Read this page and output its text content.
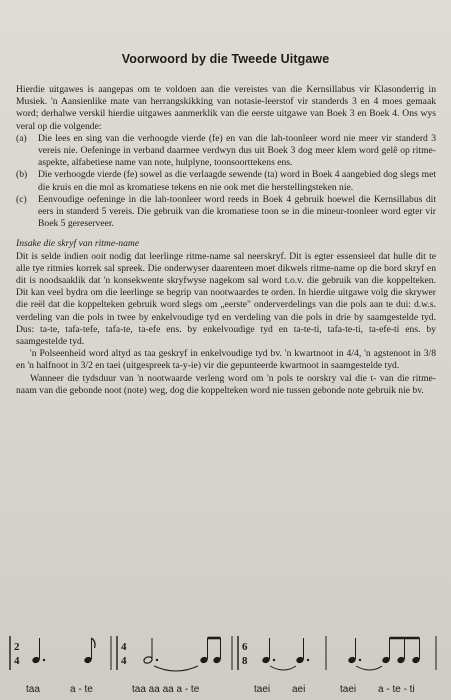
Voorwoord by die Tweede Uitgawe

Hierdie uitgawes is aangepas om te voldoen aan die vereistes van die Kernsillabus vir Klasonderrig in Musiek. 'n Aansienlike mate van herrangskikking van notasie-leerstof vir standerds 3 en 4 moes gemaak word; derhalwe verskil hierdie uitgawes aanmerklik van die eerste uitgawe van Boek 3 en Boek 4. Ons wys veral op die volgende:

(a) Die lees en sing van die verhoogde vierde (fe) en van die lah-toonleer word nie meer vir standerd 3 vereis nie. Oefeninge in verband daarmee verdwyn dus uit Boek 3 dog meer klem word gelê op ritme-aspekte, alfabetiese name van note, hulplyne, toonsoorttekens ens.
(b) Die verhoogde vierde (fe) sowel as die verlaagde sewende (ta) word in Boek 4 aangebied dog slegs met die kruis en die mol as kromatiese tekens en nie ook met die herstellingsteken nie.
(c) Eenvoudige oefeninge in die lah-toonleer word reeds in Boek 4 gebruik hoewel die Kernsillabus dit eers in standerd 5 vereis. Die gebruik van die kromatiese toon se in die mineur-toonleer word egter vir Boek 5 gereserveer.

Insake die skryf van ritme-name

Dit is selde indien ooit nodig dat leerlinge ritme-name sal neerskryf. Dit is egter essensieel dat hulle dit te alle tye ritmies korrek sal spreek. Die onderwyser daarenteen moet dikwels ritme-name op die bord skryf en dit is noodsaaklik dat 'n konsekwente skryfwyse nagekom sal word t.o.v. die gebruik van die koppelteken. Dit kan veel bydra om die leerlinge se begrip van nootwaardes te orden. In hierdie uitgawe volg die skrywer die reël dat die koppelteken gebruik word slegs om „eerste" onderverdelings van die pols aan te dui: d.w.s. verdeling van die pols in twee by enkelvoudige tyd en verdeling van die pols in drie by saamgestelde tyd. Dus: ta-te, tafa-tefe, tafa-te, ta-efe ens. by enkelvoudige tyd en ta-te-ti, tafa-te-ti, ta-efe-ti ens. by saamgestelde tyd.

'n Polseenheid word altyd as taa geskryf in enkelvoudige tyd bv. 'n kwartnoot in 4/4, 'n agstenoot in 3/8 en 'n halfnoot in 3/2 en taei (uitgespreek ta-y-ie) vir die gepunteerde kwartnoot in saamgestelde tyd.

Wanneer die tydsduur van 'n nootwaarde verleng word om 'n pols te oorskry val die t- van die ritme-naam van die gebonde noot (note) weg, dog die koppelteken word nie tussen gebonde note gebruik nie bv.

2
4
taa	a - te
4
4
taa aa aa a - te
6
8
taei aei	taei a - te - ti
